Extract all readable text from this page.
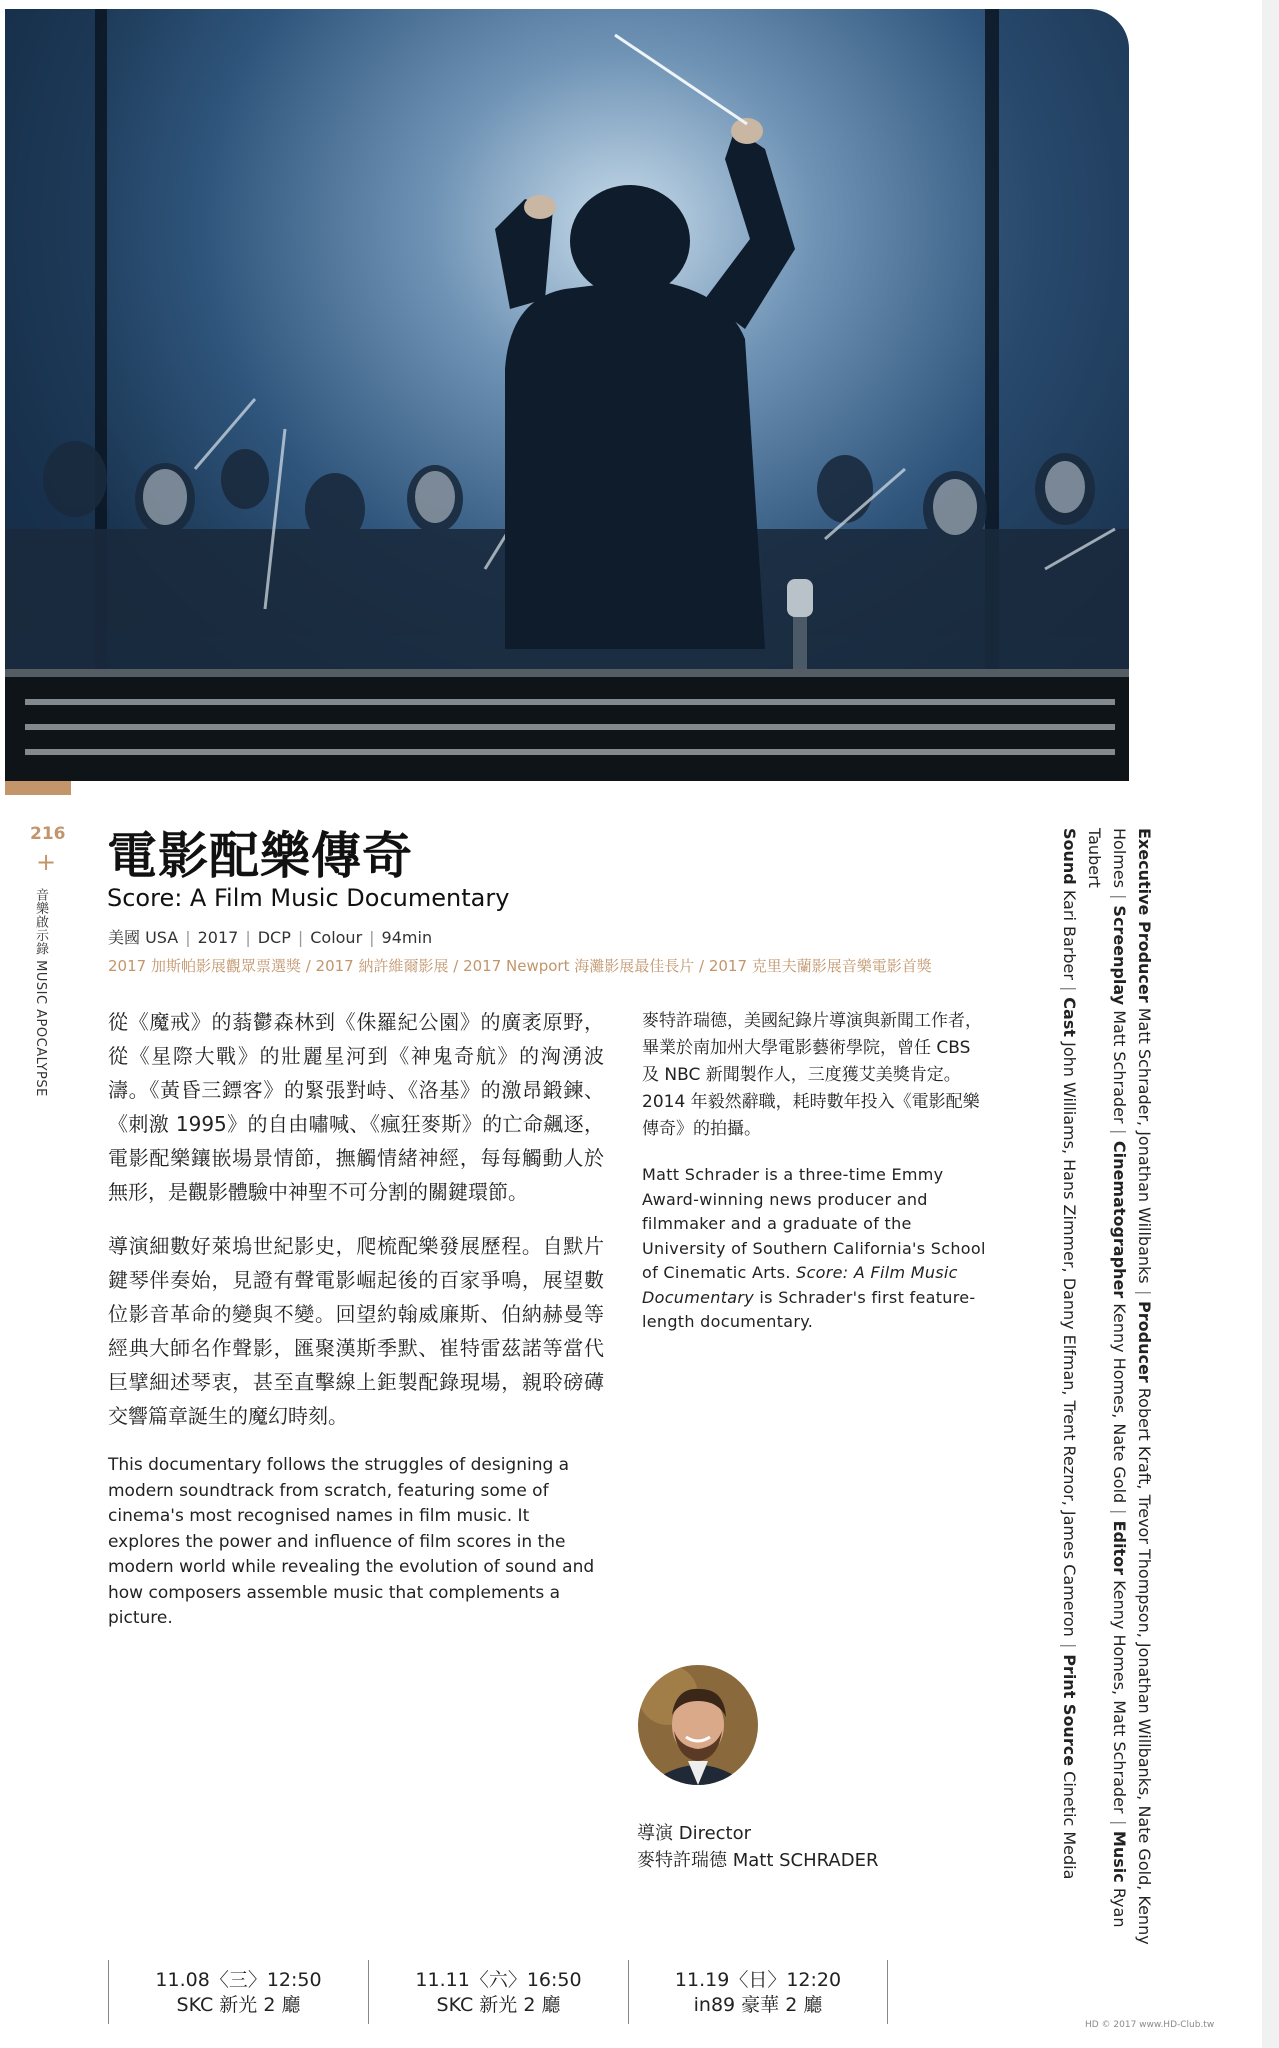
216
+
音樂啟示錄 MUSIC APOCALYPSE
電影配樂傳奇
Score: A Film Music Documentary
美國 USA | 2017 | DCP | Colour | 94min
2017 加斯帕影展觀眾票選獎 / 2017 納許維爾影展 / 2017 Newport 海灘影展最佳長片 / 2017 克里夫蘭影展音樂電影首獎

從《魔戒》的蓊鬱森林到《侏羅紀公園》的廣袤原野，從《星際大戰》的壯麗星河到《神鬼奇航》的洶湧波濤。《黃昏三鏢客》的緊張對峙、《洛基》的激昂鍛鍊、《刺激 1995》的自由嘯喊、《瘋狂麥斯》的亡命飆逐，電影配樂鑲嵌場景情節，撫觸情緒神經，每每觸動人於無形，是觀影體驗中神聖不可分割的關鍵環節。

導演細數好萊塢世紀影史，爬梳配樂發展歷程。自默片鍵琴伴奏始，見證有聲電影崛起後的百家爭鳴，展望數位影音革命的變與不變。回望約翰威廉斯、伯納赫曼等經典大師名作聲影，匯聚漢斯季默、崔特雷茲諾等當代巨擘細述琴衷，甚至直擊線上鉅製配錄現場，親聆磅礡交響篇章誕生的魔幻時刻。

This documentary follows the struggles of designing a modern soundtrack from scratch, featuring some of cinema's most recognised names in film music. It explores the power and influence of film scores in the modern world while revealing the evolution of sound and how composers assemble music that complements a picture.

麥特許瑞德，美國紀錄片導演與新聞工作者，畢業於南加州大學電影藝術學院，曾任 CBS 及 NBC 新聞製作人，三度獲艾美獎肯定。2014 年毅然辭職，耗時數年投入《電影配樂傳奇》的拍攝。

Matt Schrader is a three-time Emmy Award-winning news producer and filmmaker and a graduate of the University of Southern California's School of Cinematic Arts. Score: A Film Music Documentary is Schrader's first feature-length documentary.

導演 Director
麥特許瑞德 Matt SCHRADER
Executive Producer Matt Schrader, Jonathan Willbanks|Producer Robert Kraft, Trevor Thompson, Jonathan Willbanks, Nate Gold, Kenny Holmes|Screenplay Matt Schrader|Cinematographer Kenny Homes, Nate Gold|Editor Kenny Homes, Matt Schrader|Music Ryan Taubert
Sound Kari Barber|Cast John Williams, Hans Zimmer, Danny Elfman, Trent Reznor, James Cameron|Print Source Cinetic Media
11.08〈三〉12:50
SKC 新光 2 廳
11.11〈六〉16:50
SKC 新光 2 廳
11.19〈日〉12:20
in89 豪華 2 廳
HD © 2017 www.HD-Club.tw
